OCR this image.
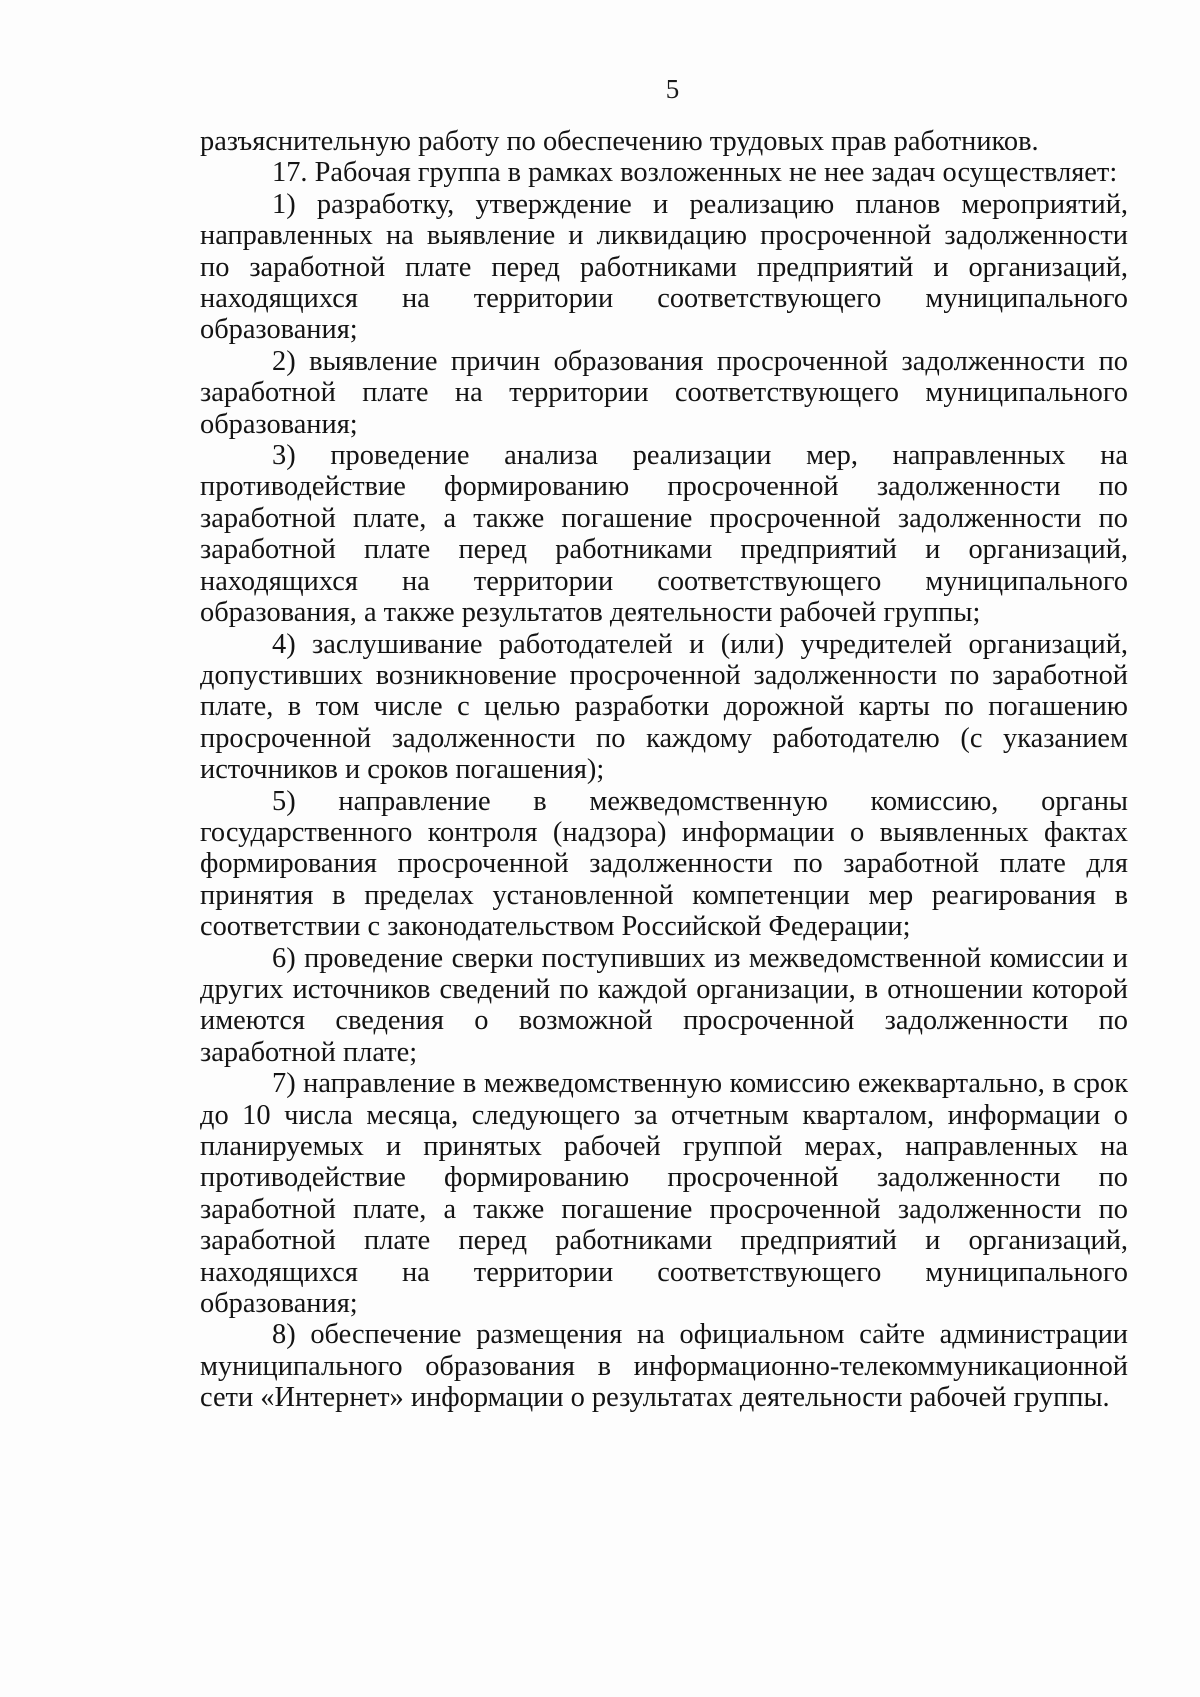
5

разъяснительную работу по обеспечению трудовых прав работников.

17. Рабочая группа в рамках возложенных не нее задач осуществляет:

1) разработку, утверждение и реализацию планов мероприятий, направленных на выявление и ликвидацию просроченной задолженности по заработной плате перед работниками предприятий и организаций, находящихся на территории соответствующего муниципального образования;

2) выявление причин образования просроченной задолженности по заработной плате на территории соответствующего муниципального образования;

3) проведение анализа реализации мер, направленных на противодействие формированию просроченной задолженности по заработной плате, а также погашение просроченной задолженности по заработной плате перед работниками предприятий и организаций, находящихся на территории соответствующего муниципального образования, а также результатов деятельности рабочей группы;

4) заслушивание работодателей и (или) учредителей организаций, допустивших возникновение просроченной задолженности по заработной плате, в том числе с целью разработки дорожной карты по погашению просроченной задолженности по каждому работодателю (с указанием источников и сроков погашения);

5) направление в межведомственную комиссию, органы государственного контроля (надзора) информации о выявленных фактах формирования просроченной задолженности по заработной плате для принятия в пределах установленной компетенции мер реагирования в соответствии с законодательством Российской Федерации;

6) проведение сверки поступивших из межведомственной комиссии и других источников сведений по каждой организации, в отношении которой имеются сведения о возможной просроченной задолженности по заработной плате;

7) направление в межведомственную комиссию ежеквартально, в срок до 10 числа месяца, следующего за отчетным кварталом, информации о планируемых и принятых рабочей группой мерах, направленных на противодействие формированию просроченной задолженности по заработной плате, а также погашение просроченной задолженности по заработной плате перед работниками предприятий и организаций, находящихся на территории соответствующего муниципального образования;

8) обеспечение размещения на официальном сайте администрации муниципального образования в информационно-телекоммуникационной сети «Интернет» информации о результатах деятельности рабочей группы.
